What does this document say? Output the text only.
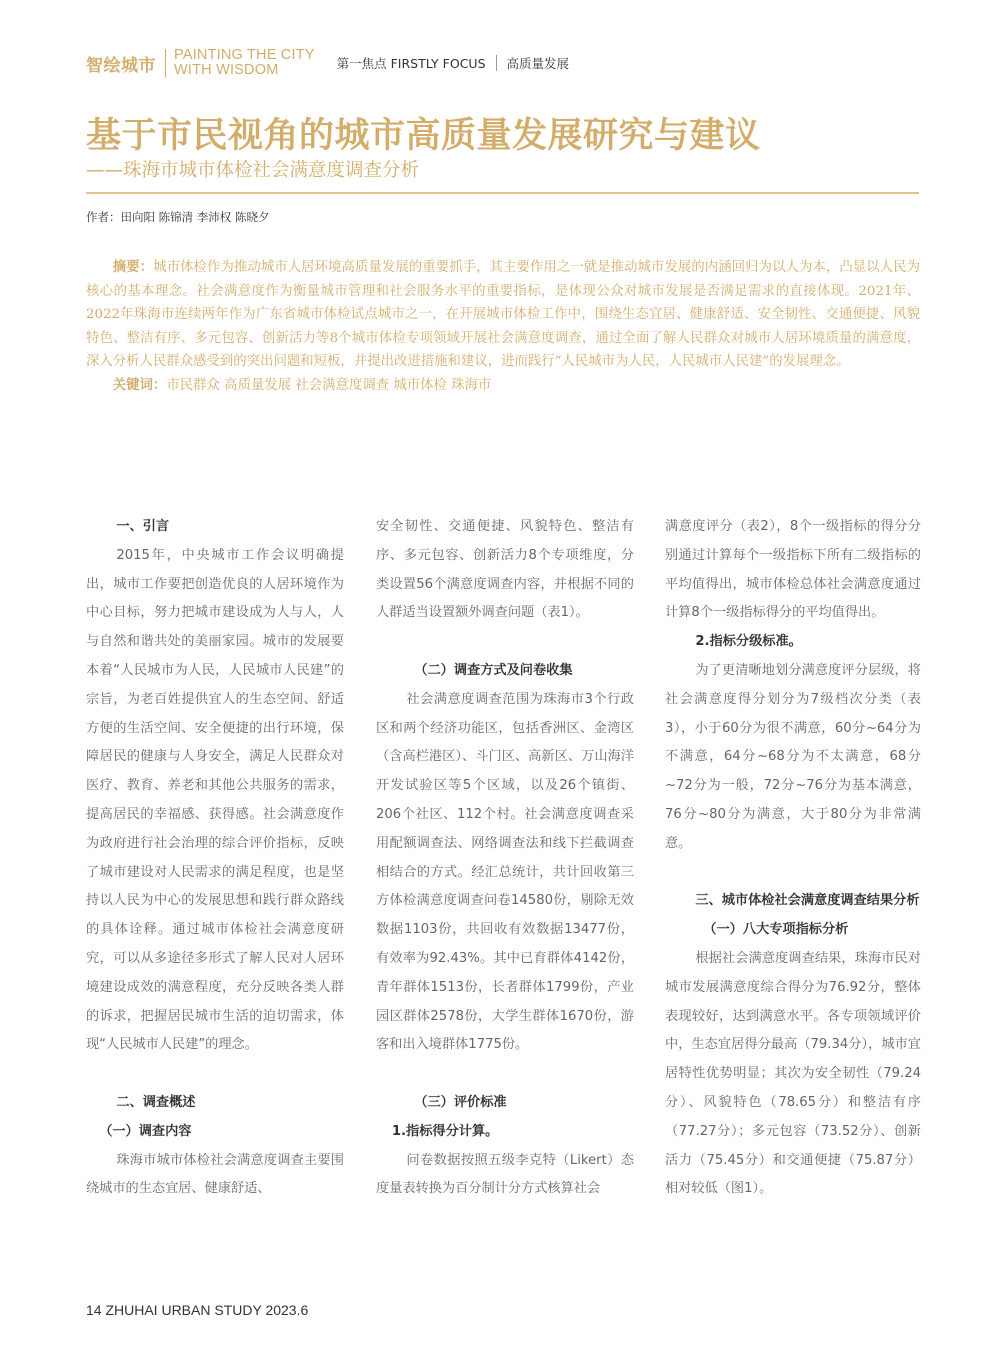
智绘城市
PAINTING THE CITY
WITH WISDOM	第一焦点 FIRSTLY FOCUS 高质量发展
基于市民视角的城市高质量发展研究与建议
——珠海市城市体检社会满意度调查分析
作者：田向阳 陈锦清 李沛权 陈晓夕

摘要：城市体检作为推动城市人居环境高质量发展的重要抓手，其主要作用之一就是推动城市发展的内涵回归为以人为本，凸显以人民为核心的基本理念。社会满意度作为衡量城市管理和社会服务水平的重要指标，是体现公众对城市发展是否满足需求的直接体现。2021年、2022年珠海市连续两年作为广东省城市体检试点城市之一，在开展城市体检工作中，围绕生态宜居、健康舒适、安全韧性、交通便捷、风貌特色、整洁有序、多元包容、创新活力等8个城市体检专项领域开展社会满意度调查，通过全面了解人民群众对城市人居环境质量的满意度，深入分析人民群众感受到的突出问题和短板，并提出改进措施和建议，进而践行“人民城市为人民，人民城市人民建”的发展理念。

关键词：市民群众 高质量发展 社会满意度调查 城市体检 珠海市

一、引言

2015年，中央城市工作会议明确提出，城市工作要把创造优良的人居环境作为中心目标，努力把城市建设成为人与人，人与自然和谐共处的美丽家园。城市的发展要本着“人民城市为人民，人民城市人民建”的宗旨，为老百姓提供宜人的生态空间、舒适方便的生活空间、安全便捷的出行环境，保障居民的健康与人身安全，满足人民群众对医疗、教育、养老和其他公共服务的需求，提高居民的幸福感、获得感。社会满意度作为政府进行社会治理的综合评价指标，反映了城市建设对人民需求的满足程度，也是坚持以人民为中心的发展思想和践行群众路线的具体诠释。通过城市体检社会满意度研究，可以从多途径多形式了解人民对人居环境建设成效的满意程度，充分反映各类人群的诉求，把握居民城市生活的迫切需求，体现“人民城市人民建”的理念。

二、调查概述
（一）调查内容

珠海市城市体检社会满意度调查主要围绕城市的生态宜居、健康舒适、

安全韧性、交通便捷、风貌特色、整洁有序、多元包容、创新活力8个专项维度，分类设置56个满意度调查内容，并根据不同的人群适当设置额外调查问题（表1）。

（二）调查方式及问卷收集

社会满意度调查范围为珠海市3个行政区和两个经济功能区，包括香洲区、金湾区（含高栏港区）、斗门区、高新区、万山海洋开发试验区等5个区域，以及26个镇街、206个社区、112个村。社会满意度调查采用配额调查法、网络调查法和线下拦截调查相结合的方式。经汇总统计，共计回收第三方体检满意度调查问卷14580份，剔除无效数据1103份，共回收有效数据13477份，有效率为92.43%。其中已育群体4142份，青年群体1513份，长者群体1799份，产业园区群体2578份，大学生群体1670份，游客和出入境群体1775份。

（三）评价标准
1.指标得分计算。

问卷数据按照五级李克特（Likert）态度量表转换为百分制计分方式核算社会

满意度评分（表2），8个一级指标的得分分别通过计算每个一级指标下所有二级指标的平均值得出，城市体检总体社会满意度通过计算8个一级指标得分的平均值得出。

2.指标分级标准。

为了更清晰地划分满意度评分层级，将社会满意度得分划分为7级档次分类（表3），小于60分为很不满意，60分~64分为不满意，64分~68分为不太满意，68分~72分为一般，72分~76分为基本满意，76分~80分为满意，大于80分为非常满意。

三、城市体检社会满意度调查结果分析
（一）八大专项指标分析

根据社会满意度调查结果，珠海市民对城市发展满意度综合得分为76.92分，整体表现较好，达到满意水平。各专项领域评价中，生态宜居得分最高（79.34分），城市宜居特性优势明显；其次为安全韧性（79.24分）、风貌特色（78.65分）和整洁有序（77.27分）；多元包容（73.52分）、创新活力（75.45分）和交通便捷（75.87分）相对较低（图1）。

14 ZHUHAI URBAN STUDY 2023.6
